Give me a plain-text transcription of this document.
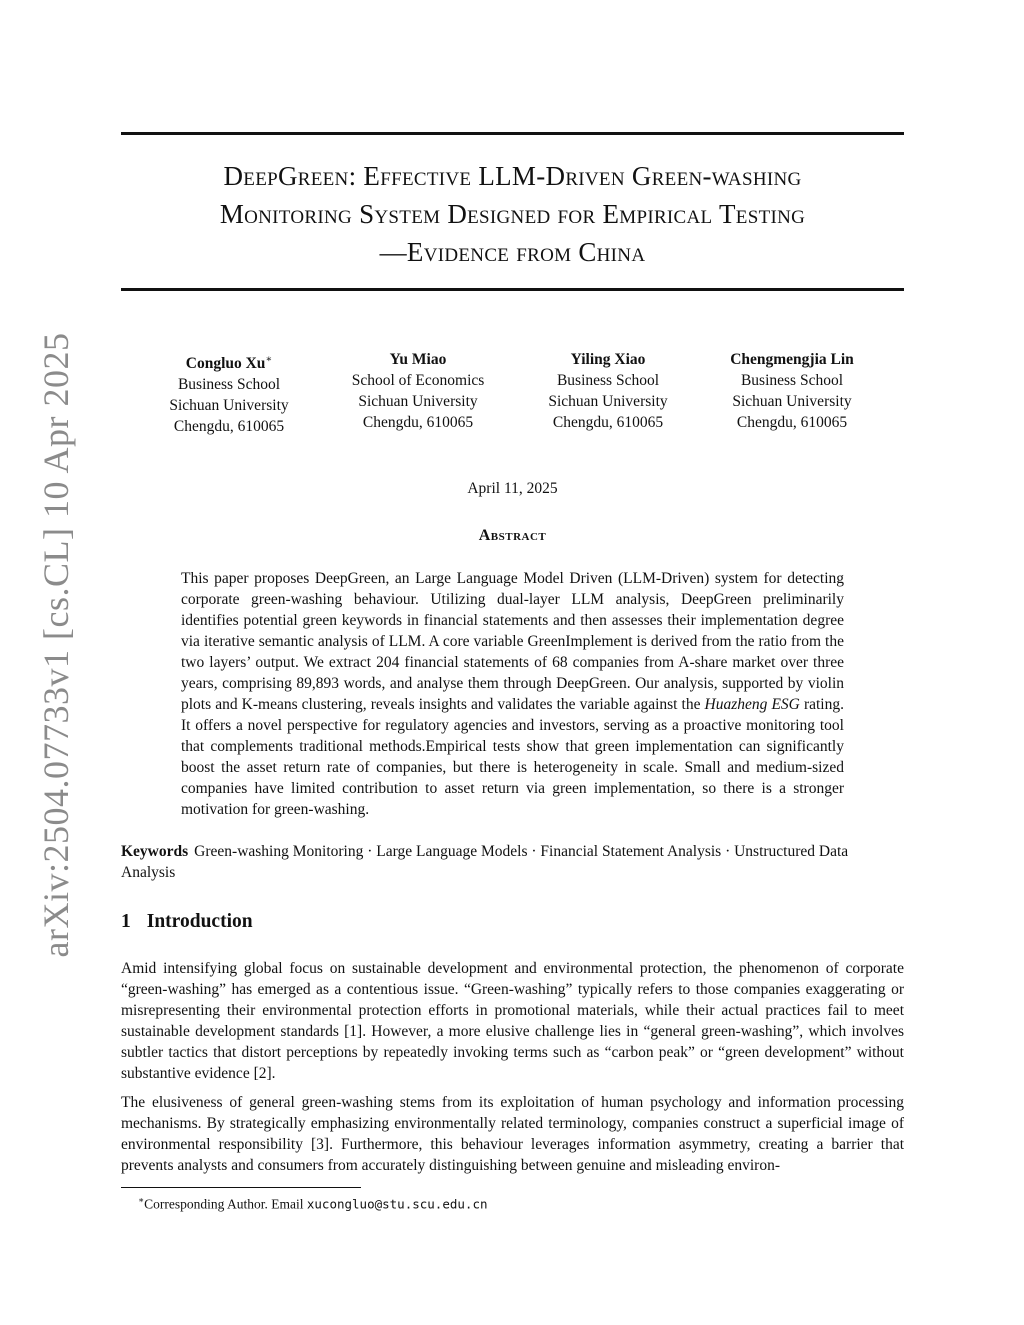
arXiv:2504.07733v1 [cs.CL] 10 Apr 2025
DeepGreen: Effective LLM-Driven Green-washing
Monitoring System Designed for Empirical Testing
—Evidence from China
Congluo Xu∗
Business School
Sichuan University
Chengdu, 610065
Yu Miao
School of Economics
Sichuan University
Chengdu, 610065
Yiling Xiao
Business School
Sichuan University
Chengdu, 610065
Chengmengjia Lin
Business School
Sichuan University
Chengdu, 610065
April 11, 2025
Abstract
This paper proposes DeepGreen, an Large Language Model Driven (LLM-Driven) system for detecting corporate green-washing behaviour. Utilizing dual-layer LLM analysis, DeepGreen preliminarily identifies potential green keywords in financial statements and then assesses their implementation degree via iterative semantic analysis of LLM. A core variable GreenImplement is derived from the ratio from the two layers’ output. We extract 204 financial statements of 68 companies from A-share market over three years, comprising 89,893 words, and analyse them through DeepGreen. Our analysis, supported by violin plots and K-means clustering, reveals insights and validates the variable against the Huazheng ESG rating. It offers a novel perspective for regulatory agencies and investors, serving as a proactive monitoring tool that complements traditional methods.Empirical tests show that green implementation can significantly boost the asset return rate of companies, but there is heterogeneity in scale. Small and medium-sized companies have limited contribution to asset return via green implementation, so there is a stronger motivation for green-washing.
Keywords Green-washing Monitoring · Large Language Models · Financial Statement Analysis · Unstructured Data Analysis
1 Introduction

Amid intensifying global focus on sustainable development and environmental protection, the phenomenon of corporate “green-washing” has emerged as a contentious issue. “Green-washing” typically refers to those companies exaggerating or misrepresenting their environmental protection efforts in promotional materials, while their actual practices fail to meet sustainable development standards [1]. However, a more elusive challenge lies in “general green-washing”, which involves subtler tactics that distort perceptions by repeatedly invoking terms such as “carbon peak” or “green development” without substantive evidence [2].

The elusiveness of general green-washing stems from its exploitation of human psychology and information processing mechanisms. By strategically emphasizing environmentally related terminology, companies construct a superficial image of environmental responsibility [3]. Furthermore, this behaviour leverages information asymmetry, creating a barrier that prevents analysts and consumers from accurately distinguishing between genuine and misleading environ-

∗Corresponding Author. Email xucongluo@stu.scu.edu.cn
